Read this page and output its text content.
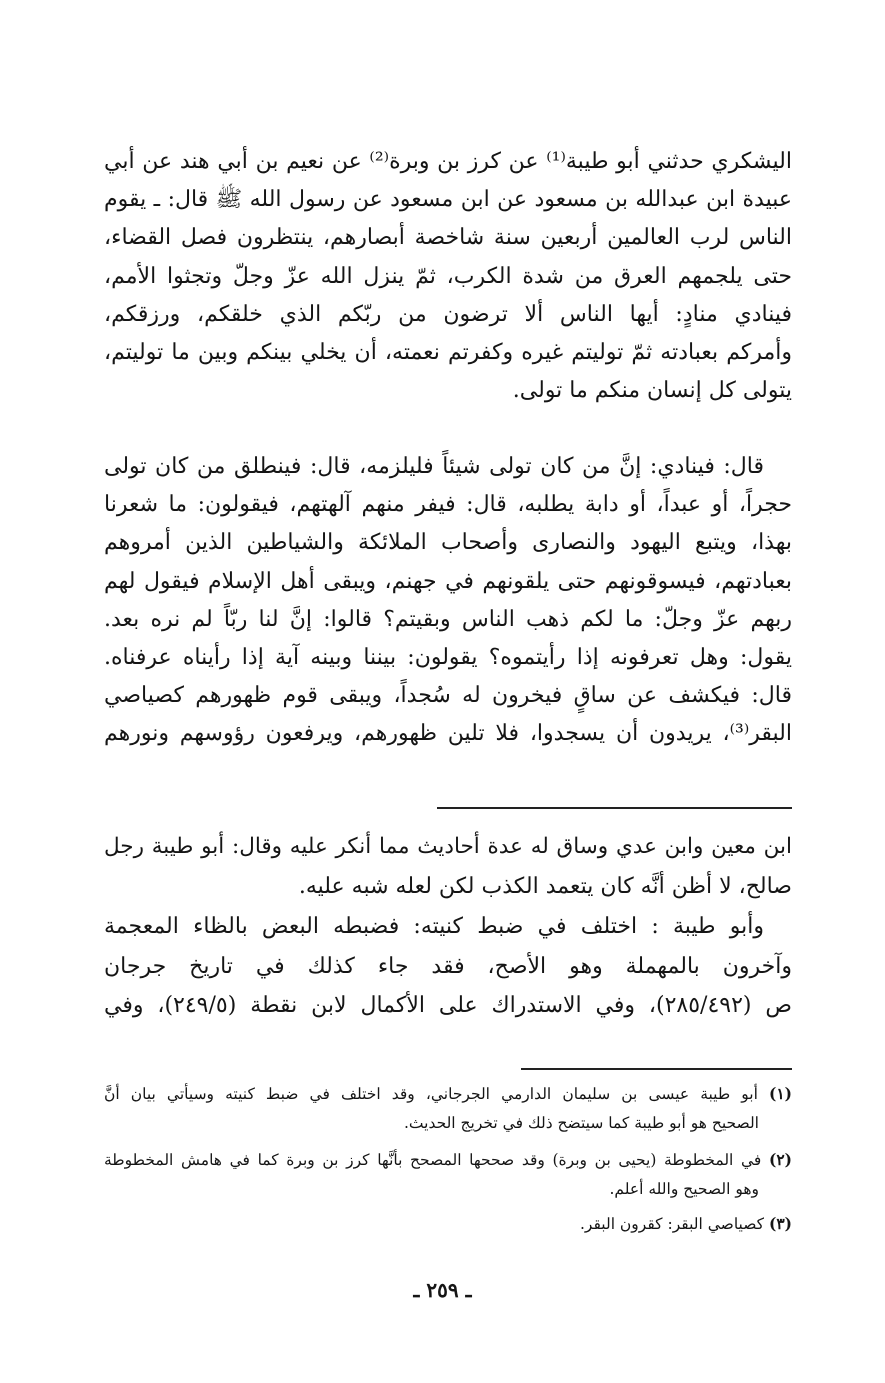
اليشكري حدثني أبو طيبة⁽¹⁾ عن كرز بن وبرة⁽²⁾ عن نعيم بن أبي هند عن أبي
عبيدة ابن عبدالله بن مسعود عن ابن مسعود عن رسول الله ﷺ قال: ـ يقوم
الناس لرب العالمين أربعين سنة شاخصة أبصارهم، ينتظرون فصل القضاء،
حتى يلجمهم العرق من شدة الكرب، ثمّ ينزل الله عزّ وجلّ وتجثوا الأمم،
فينادي منادٍ: أيها الناس ألا ترضون من ربّكم الذي خلقكم، ورزقكم،
وأمركم بعبادته ثمّ توليتم غيره وكفرتم نعمته، أن يخلي بينكم وبين ما توليتم،
يتولى كل إنسان منكم ما تولى.
قال: فينادي: إنَّ من كان تولى شيئاً فليلزمه، قال: فينطلق من كان تولى
حجراً، أو عبداً، أو دابة يطلبه، قال: فيفر منهم آلهتهم، فيقولون: ما شعرنا
بهذا، ويتبع اليهود والنصارى وأصحاب الملائكة والشياطين الذين أمروهم
بعبادتهم، فيسوقونهم حتى يلقونهم في جهنم، ويبقى أهل الإسلام فيقول لهم
ربهم عزّ وجلّ: ما لكم ذهب الناس وبقيتم؟ قالوا: إنَّ لنا ربّاً لم نره بعد.
يقول: وهل تعرفونه إذا رأيتموه؟ يقولون: بيننا وبينه آية إذا رأيناه عرفناه.
قال: فيكشف عن ساقٍ فيخرون له سُجداً، ويبقى قوم ظهورهم كصياصي
البقر⁽³⁾، يريدون أن يسجدوا، فلا تلين ظهورهم، ويرفعون رؤوسهم ونورهم
ابن معين وابن عدي وساق له عدة أحاديث مما أنكر عليه وقال: أبو طيبة رجل
صالح، لا أظن أنَّه كان يتعمد الكذب لكن لعله شبه عليه.
وأبو طيبة : اختلف في ضبط كنيته: فضبطه البعض بالظاء المعجمة
وآخرون بالمهملة وهو الأصح، فقد جاء كذلك في تاريخ جرجان
ص (٢٨٥/٤٩٢)، وفي الاستدراك على الأكمال لابن نقطة (٢٤٩/٥)، وفي
(١) أبو طيبة عيسى بن سليمان الدارمي الجرجاني، وقد اختلف في ضبط كنيته وسيأتي بيان أنَّ
الصحيح هو أبو طيبة كما سيتضح ذلك في تخريج الحديث.
(٢) في المخطوطة (يحيى بن وبرة) وقد صححها المصحح بأنَّها كرز بن وبرة كما في هامش المخطوطة
وهو الصحيح والله أعلم.
(٣) كصياصي البقر: كقرون البقر.
ـ ٢٥٩ ـ
